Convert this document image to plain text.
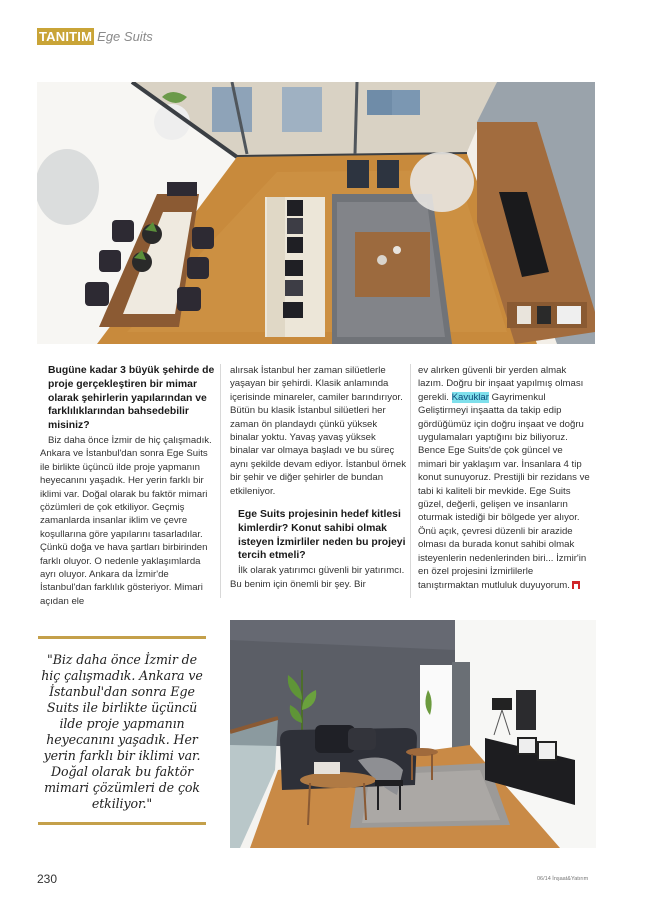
TANITIM Ege Suits
Bugüne kadar 3 büyük şehirde de proje gerçekleştiren bir mimar olarak şehirlerin yapılarından ve farklılıklarından bahsedebilir misiniz?
Biz daha önce İzmir de hiç çalışmadık. Ankara ve İstanbul'dan sonra Ege Suits ile birlikte üçüncü ilde proje yapmanın heyecanını yaşadık. Her yerin farklı bir iklimi var. Doğal olarak bu faktör mimari çözümleri de çok etkiliyor. Geçmiş zamanlarda insanlar iklim ve çevre koşullarına göre yapılarını tasarladılar. Çünkü doğa ve hava şartları birbirinden farklı oluyor. O nedenle yaklaşımlarda ayrı oluyor. Ankara da İzmir'de İstanbul'dan farklılık gösteriyor. Mimari açıdan ele
alırsak İstanbul her zaman silüetlerle yaşayan bir şehirdi. Klasik anlamında içerisinde minareler, camiler barındırıyor. Bütün bu klasik İstanbul silüetleri her zaman ön plandaydı çünkü yüksek binalar yoktu. Yavaş yavaş yüksek binalar var olmaya başladı ve bu süreç aynı şekilde devam ediyor. İstanbul örnek bir şehir ve diğer şehirler de bundan etkileniyor.
Ege Suits projesinin hedef kitlesi kimlerdir? Konut sahibi olmak isteyen İzmirliler neden bu projeyi tercih etmeli?
İlk olarak yatırımcı güvenli bir yatırımcı. Bu benim için önemli bir şey. Bir
ev alırken güvenli bir yerden almak lazım. Doğru bir inşaat yapılmış olması gerekli. Kavuklar Gayrimenkul Geliştirmeyi inşaatta da takip edip gördüğümüz için doğru inşaat ve doğru uygulamaları yaptığını biz biliyoruz. Bence Ege Suits'de çok güncel ve mimari bir yaklaşım var. İnsanlara 4 tip konut sunuyoruz. Prestijli bir rezidans ve tabi ki kaliteli bir mevkide. Ege Suits güzel, değerli, gelişen ve insanların oturmak istediği bir bölgede yer alıyor. Önü açık, çevresi düzenli bir arazide olması da burada konut sahibi olmak isteyenlerin nedenlerinden biri... İzmir'in en özel projesini İzmirlilerle tanıştırmaktan mutluluk duyuyorum.
"Biz daha önce İzmir de hiç çalışmadık. Ankara ve İstanbul'dan sonra Ege Suits ile birlikte üçüncü ilde proje yapmanın heyecanını yaşadık. Her yerin farklı bir iklimi var. Doğal olarak bu faktör mimari çözümleri de çok etkiliyor."
230	06/14 İnşaat&Yatırım
